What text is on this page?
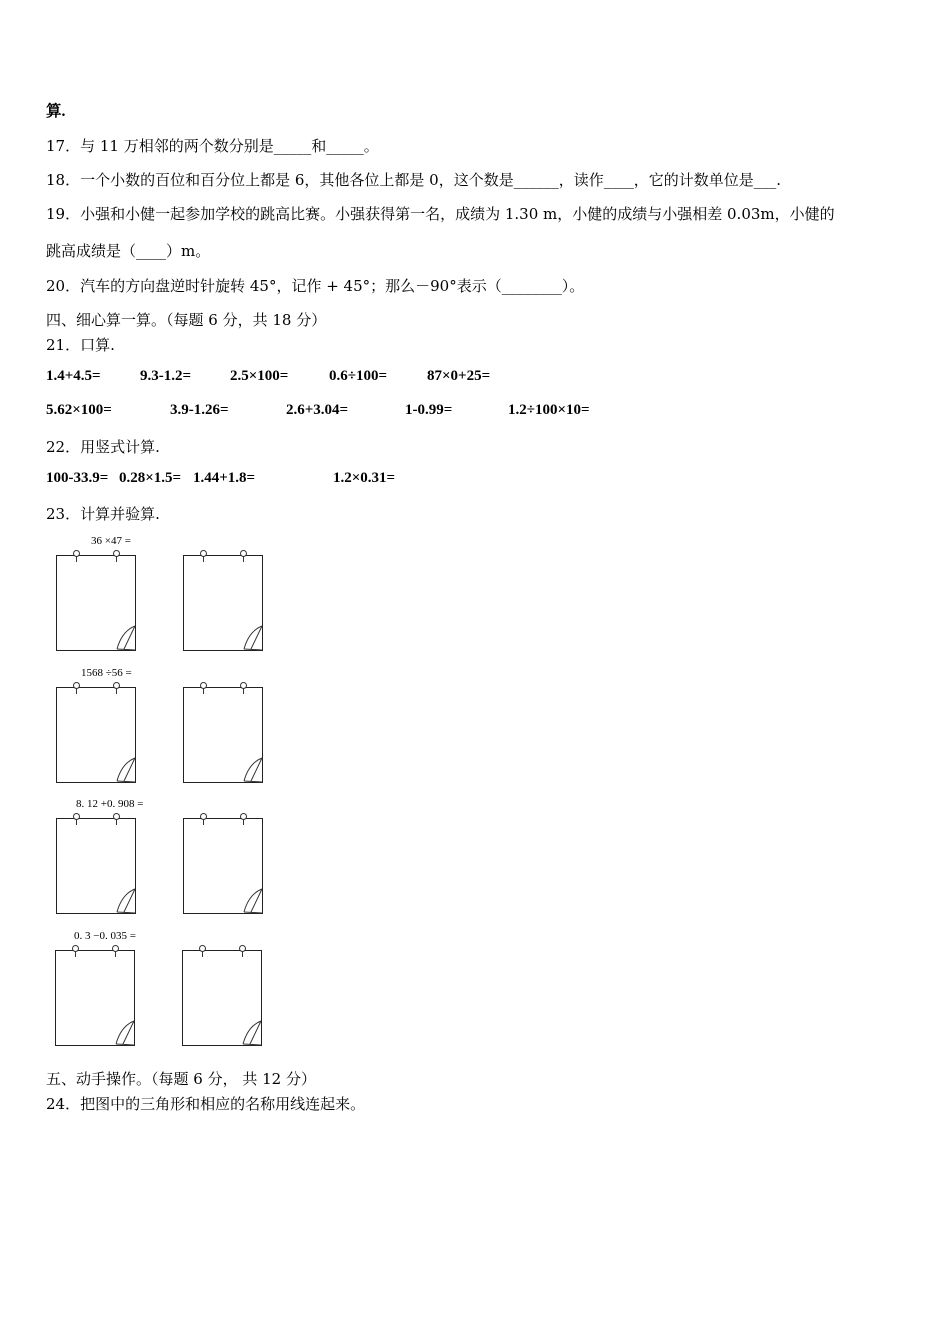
算.
17．与 11 万相邻的两个数分别是_____和_____。
18．一个小数的百位和百分位上都是 6，其他各位上都是 0，这个数是______，读作____，它的计数单位是___.
19．小强和小健一起参加学校的跳高比赛。小强获得第一名，成绩为 1.30 m，小健的成绩与小强相差 0.03m，小健的
跳高成绩是（____）m。
20．汽车的方向盘逆时针旋转 45°，记作 + 45°；那么－90°表示（________）。
四、细心算一算。（每题 6 分，共 18 分）
21．口算.
1.4+4.5=	9.3-1.2=	2.5×100=	0.6÷100=	87×0+25=
5.62×100=	3.9-1.26=	2.6+3.04=	1-0.99=	1.2÷100×10=
22．用竖式计算.
100-33.9= 0.28×1.5= 1.44+1.8=	1.2×0.31=
23．计算并验算.
36 ×47 =
1568 ÷56 =
8. 12 +0. 908 =
0. 3 −0. 035 =
五、动手操作。（每题 6 分， 共 12 分）
24．把图中的三角形和相应的名称用线连起来。
